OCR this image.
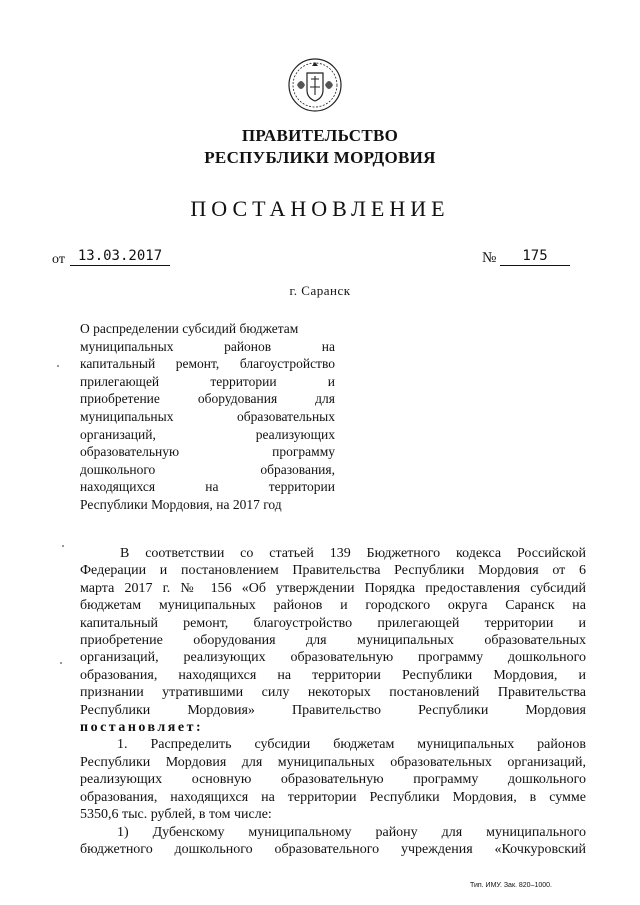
ПРАВИТЕЛЬСТВО
РЕСПУБЛИКИ МОРДОВИЯ
ПОСТАНОВЛЕНИЕ
от 13.03.2017	№	175
г. Саранск
О распределении субсидий бюджетам
муниципальных районов на
капитальный ремонт, благоустройство
прилегающей территории и
приобретение оборудования для
муниципальных образовательных
организаций, реализующих
образовательную программу
дошкольного образования,
находящихся на территории
Республики Мордовия, на 2017 год
В соответствии со статьей 139 Бюджетного кодекса Российской
Федерации и постановлением Правительства Республики Мордовия от 6
марта 2017 г. № 156 «Об утверждении Порядка предоставления субсидий
бюджетам муниципальных районов и городского округа Саранск на
капитальный ремонт, благоустройство прилегающей территории и
приобретение оборудования для муниципальных образовательных
организаций, реализующих образовательную программу дошкольного
образования, находящихся на территории Республики Мордовия, и
признании утратившими силу некоторых постановлений Правительства
Республики Мордовия» Правительство Республики Мордовия
постановляет:
1. Распределить субсидии бюджетам муниципальных районов
Республики Мордовия для муниципальных образовательных организаций,
реализующих основную образовательную программу дошкольного
образования, находящихся на территории Республики Мордовия, в сумме
5350,6 тыс. рублей, в том числе:
1) Дубенскому муниципальному району для муниципального
бюджетного дошкольного образовательного учреждения «Кочкуровский
Тип. ИМУ. Зак. 820–1000.
